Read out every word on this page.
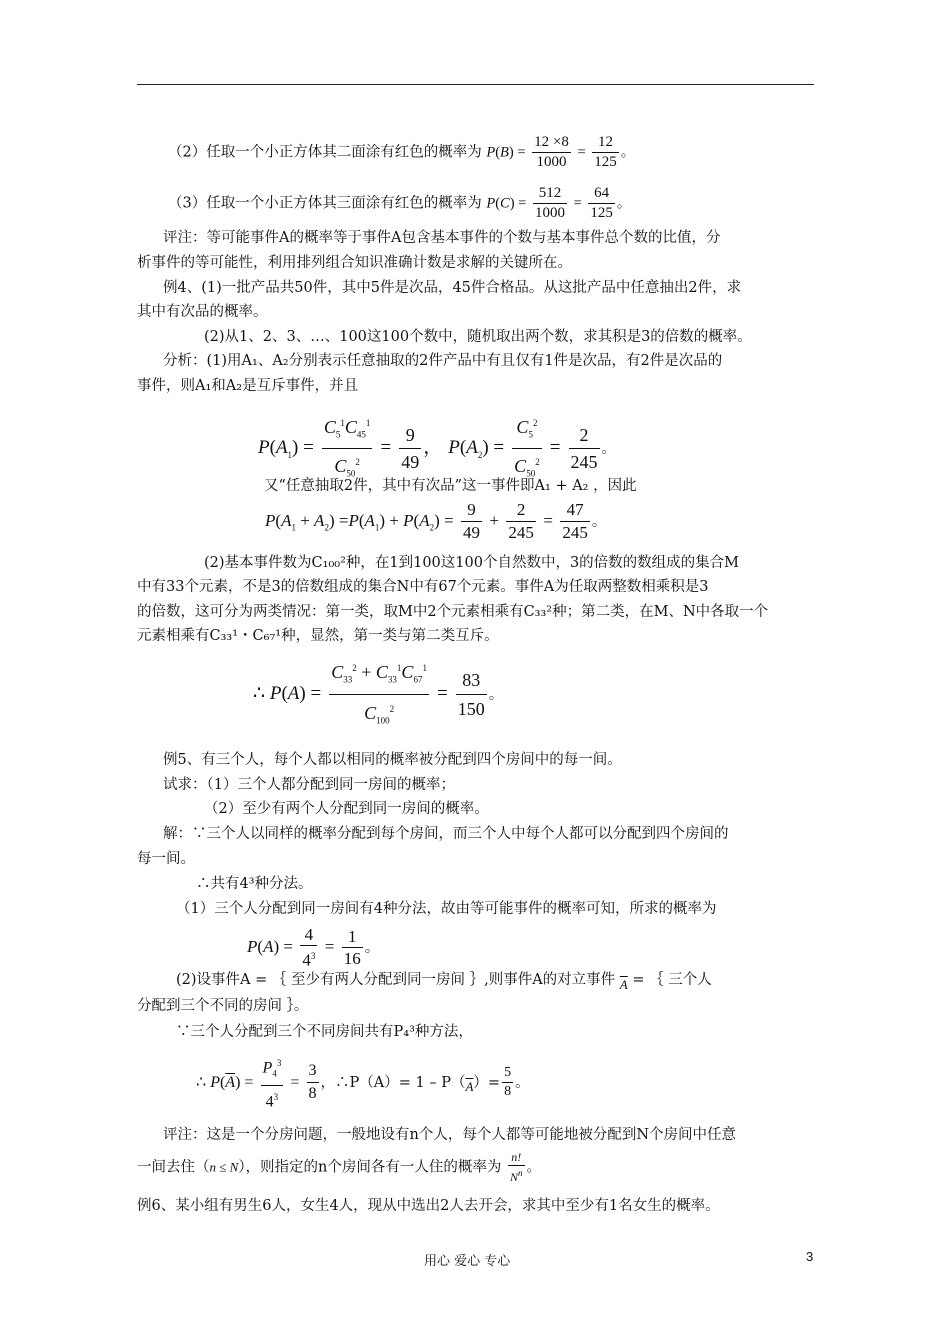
（2）任取一个小正方体其二面涂有红色的概率为 $P(B) = \frac{12 \times 8}{1000} = \frac{12}{125}$ 。
（3）任取一个小正方体其三面涂有红色的概率为 $P(C) = \frac{512}{1000} = \frac{64}{125}$ 。
评注：等可能事件A的概率等于事件A包含基本事件的个数与基本事件总个数的比值，分
析事件的等可能性，利用排列组合知识准确计数是求解的关键所在。
例4、(1)一批产品共50件，其中5件是次品，45件合格品。从这批产品中任意抽出2件，求
其中有次品的概率。
(2)从1、2、3、…、100这100个数中，随机取出两个数，求其积是3的倍数的概率。
分析：(1)用A₁、A₂分别表示任意抽取的2件产品中有且仅有1件是次品，有2件是次品的
事件，则A₁和A₂是互斥事件，并且
$P(A_1) = \frac{C_5^1C_{45}^1}{C_{50}^2} = \frac{9}{49}$ ， $P(A_2) = \frac{C_5^2}{C_{50}^2} = \frac{2}{245}$ 。
又“任意抽取2件，其中有次品”这一事件即A₁ + A₂ ，因此
$P(A_1 + A_2) =P(A_1) + P(A_2) = \frac{9}{49} + \frac{2}{245} = \frac{47}{245}$ 。
(2)基本事件数为C₁₀₀²种，在1到100这100个自然数中，3的倍数的数组成的集合M
中有33个元素，不是3的倍数组成的集合N中有67个元素。事件A为任取两整数相乘积是3
的倍数，这可分为两类情况：第一类，取M中2个元素相乘有C₃₃²种；第二类，在M、N中各取一个
元素相乘有C₃₃¹・C₆₇¹种，显然，第一类与第二类互斥。
∴ $P(A) = \frac{C_{33}^2 + C_{33}^1C_{67}^1}{C_{100}^2} = \frac{83}{150}$ 。
例5、有三个人，每个人都以相同的概率被分配到四个房间中的每一间。
试求：（1）三个人都分配到同一房间的概率；
（2）至少有两个人分配到同一房间的概率。
解：∵三个人以同样的概率分配到每个房间，而三个人中每个人都可以分配到四个房间的
每一间。
∴共有4³种分法。
（1）三个人分配到同一房间有4种分法，故由等可能事件的概率可知，所求的概率为
$P(A) = \frac{4}{4^3} = \frac{1}{16}$ 。
(2)设事件A = ｛ 至少有两人分配到同一房间 ｝,则事件A的对立事件 $\overline{A}$ = ｛ 三个人
分配到三个不同的房间 ｝。
∵三个人分配到三个不同房间共有P₄³种方法，
∴ $P(\overline{A}) = \frac{P_4^3}{4^3} = \frac{3}{8}$ ，∴P（A）= $1 - P(_{\overline{A}})= \frac{5}{8}$ 。
评注：这是一个分房问题，一般地设有n个人，每个人都等可能地被分配到N个房间中任意
一间去住（n ≤ N），则指定的n个房间各有一人住的概率为 $\frac{n!}{N^n}$ 。
例6、某小组有男生6人，女生4人，现从中选出2人去开会，求其中至少有1名女生的概率。
用心 爱心 专心	3
